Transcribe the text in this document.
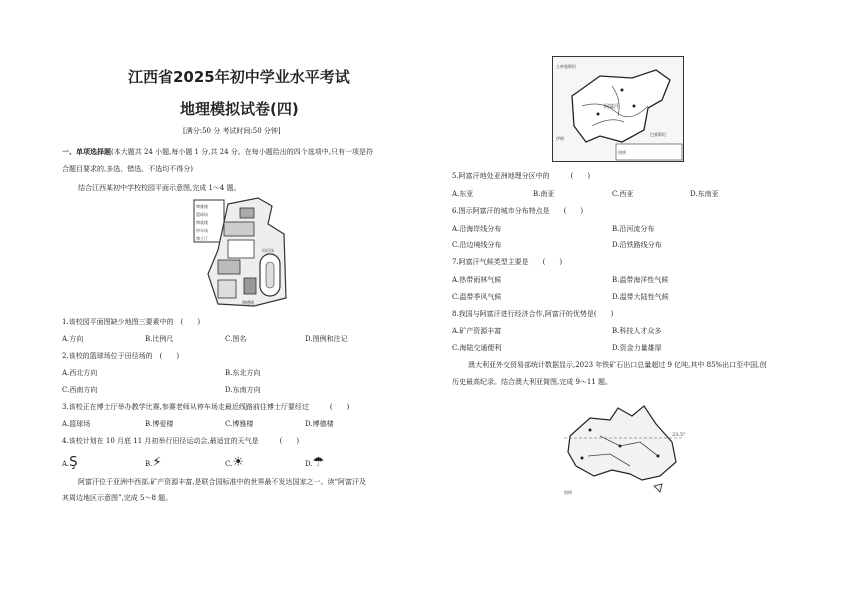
江西省2025年初中学业水平考试
地理模拟试卷(四)
[满分:50 分 考试时间:50 分钟]
一、单项选择题(本大题共 24 小题,每小题 1 分,共 24 分。在每小题给出的四个选项中,只有一项是符
合题目要求的,多选、错选、不选均不得分)
结合江西某初中学校校园平面示意图,完成 1～4 题。
博雅楼
篮球场
博爱楼
停车场
博士厅
田径场
博德楼
1.该校园平面图缺少地图三要素中的　(　　)
A.方向	B.比例尺	C.图名	D.图例和注记
2.该校的篮球场位于田径场的　(　　)
A.西北方向	B.东北方向
C.西南方向	D.东南方向
3.该校正在博士厅举办教学比赛,参赛老师从停车场走最近线路前往博士厅要经过　　　(　　)
A.篮球场	B.博爱楼	C.博雅楼	D.博德楼
4.该校计划在 10 月底 11 月初举行田径运动会,最适宜的天气是　　　(　　)
A.Ş	B.⚡	C.☀	D.☂
阿富汗位于亚洲中西部,矿产资源丰富,是联合国标准中的世界最不发达国家之一。读“阿富汗及
其周边地区示意图”,完成 5～8 题。
土库曼斯坦
阿富汗
巴基斯坦
伊朗
图例
5.阿富汗地处亚洲地理分区中的　　　(　　)
A.东亚	B.南亚	C.西亚	D.东南亚
6.图示阿富汗的城市分布特点是　　(　　)
A.沿海岸线分布	B.沿河流分布
C.沿边境线分布	D.沿铁路线分布
7.阿富汗气候类型主要是　　(　　)
A.热带雨林气候	B.温带海洋性气候
C.温带季风气候	D.温带大陆性气候
8.我国与阿富汗进行经济合作,阿富汗的优势是(　　)
A.矿产资源丰富	B.科技人才众多
C.海陆交通便利	D.资金力量雄厚
澳大利亚外交贸易部统计数据显示,2023 年铁矿石出口总量超过 9 亿吨,其中 85%出口至中国,创
历史最高纪录。结合澳大利亚简图,完成 9～11 题。
23.5°
图例
